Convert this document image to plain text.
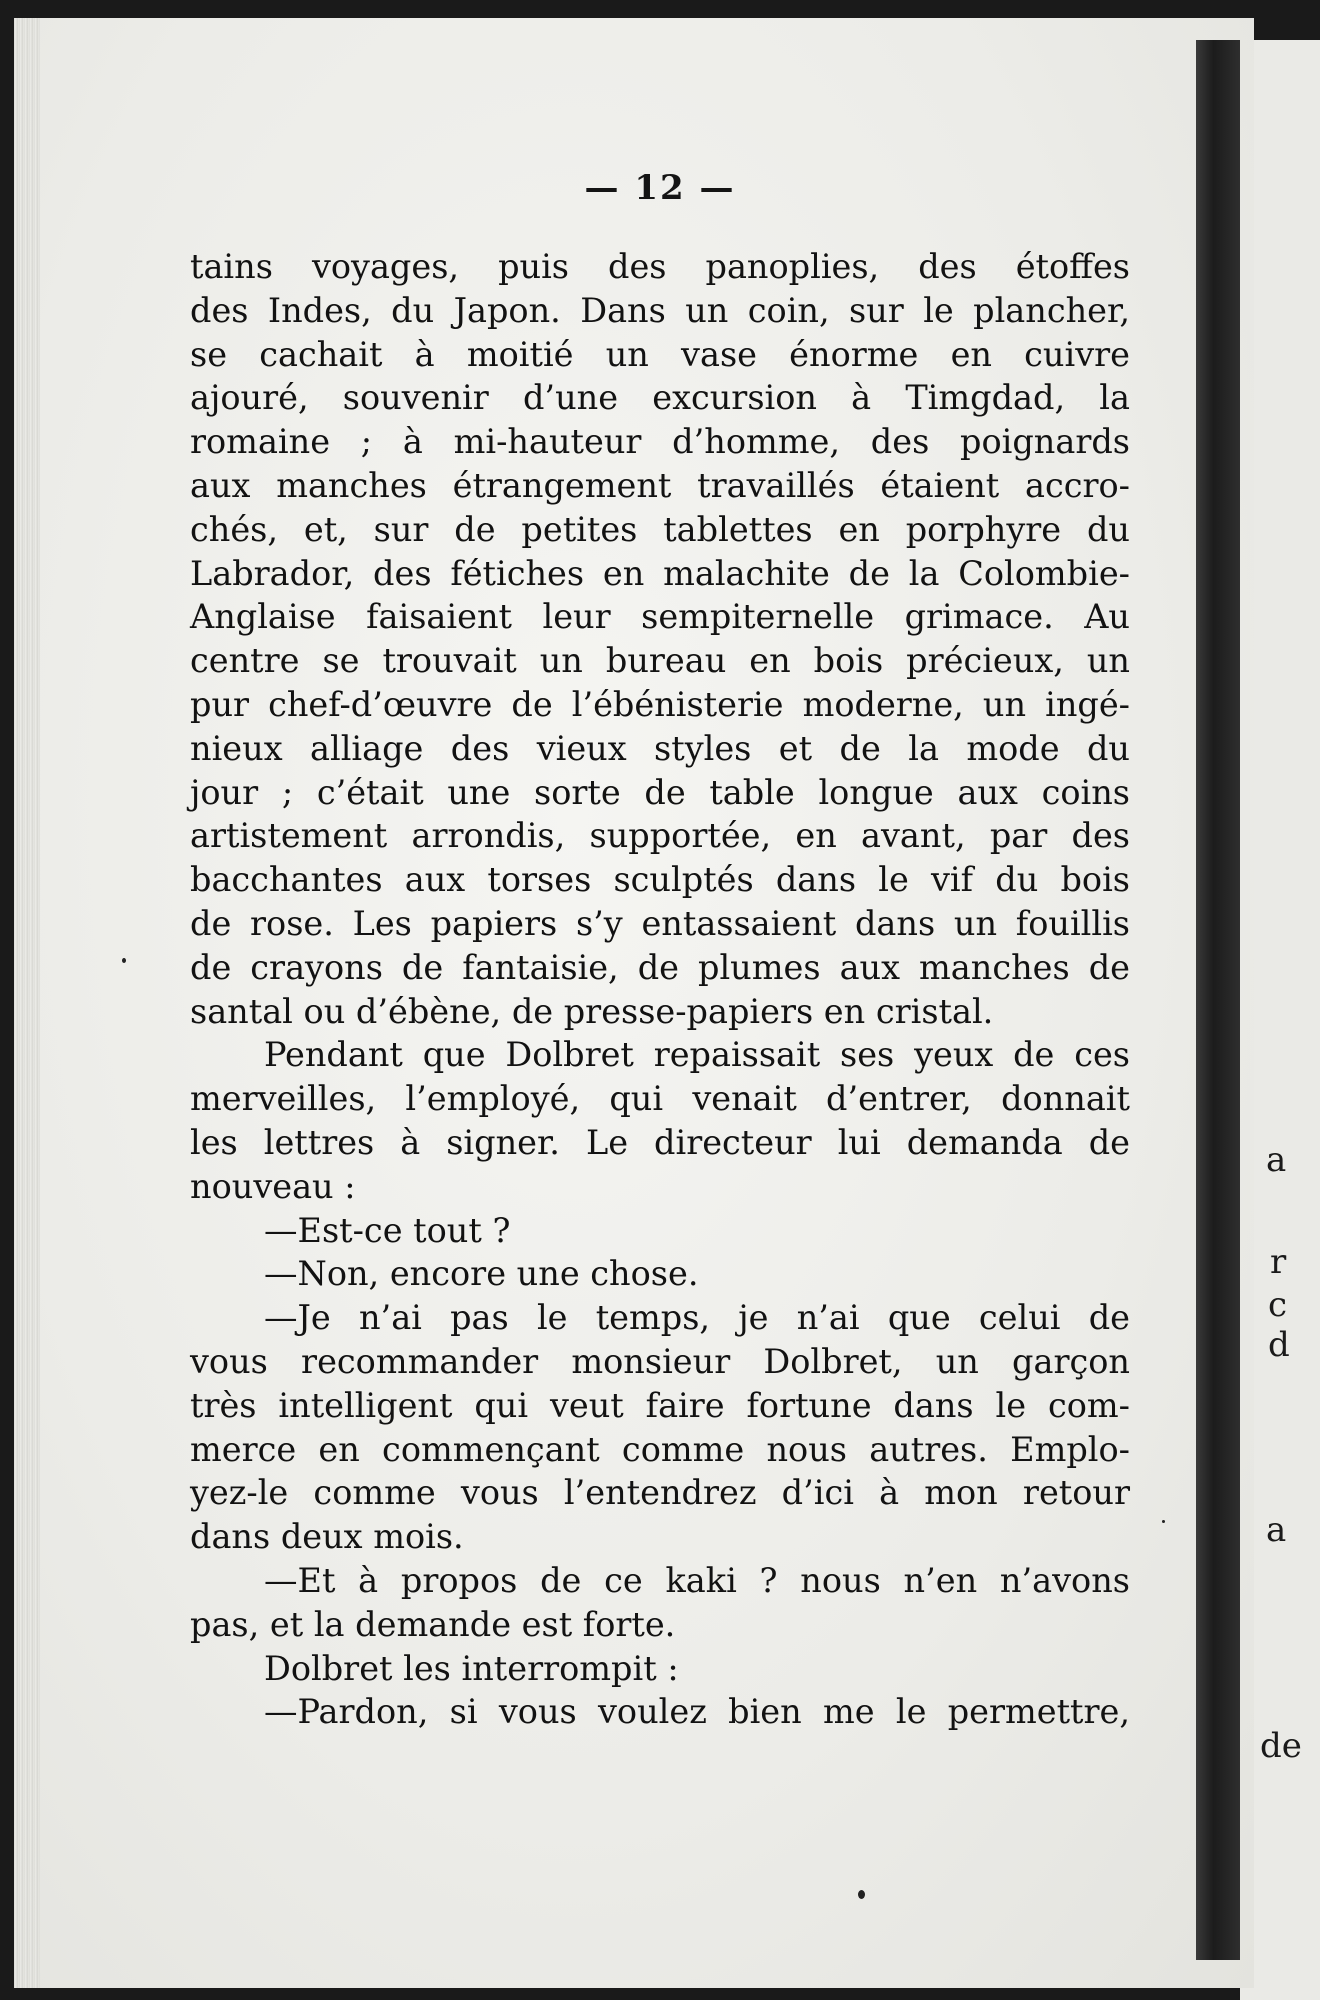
a
r
c
d
a
de
— 12 —
tains voyages, puis des panoplies, des étoffes
des Indes, du Japon. Dans un coin, sur le plancher,
se cachait à moitié un vase énorme en cuivre
ajouré, souvenir d’une excursion à Timgdad, la
romaine ; à mi-hauteur d’homme, des poignards
aux manches étrangement travaillés étaient accro-
chés, et, sur de petites tablettes en porphyre du
Labrador, des fétiches en malachite de la Colombie-
Anglaise faisaient leur sempiternelle grimace. Au
centre se trouvait un bureau en bois précieux, un
pur chef-d’œuvre de l’ébénisterie moderne, un ingé-
nieux alliage des vieux styles et de la mode du
jour ; c’était une sorte de table longue aux coins
artistement arrondis, supportée, en avant, par des
bacchantes aux torses sculptés dans le vif du bois
de rose. Les papiers s’y entassaient dans un fouillis
de crayons de fantaisie, de plumes aux manches de
santal ou d’ébène, de presse-papiers en cristal.
Pendant que Dolbret repaissait ses yeux de ces
merveilles, l’employé, qui venait d’entrer, donnait
les lettres à signer. Le directeur lui demanda de
nouveau :
—Est-ce tout ?
—Non, encore une chose.
—Je n’ai pas le temps, je n’ai que celui de
vous recommander monsieur Dolbret, un garçon
très intelligent qui veut faire fortune dans le com-
merce en commençant comme nous autres. Emplo-
yez-le comme vous l’entendrez d’ici à mon retour
dans deux mois.
—Et à propos de ce kaki ? nous n’en n’avons
pas, et la demande est forte.
Dolbret les interrompit :
—Pardon, si vous voulez bien me le permettre,
